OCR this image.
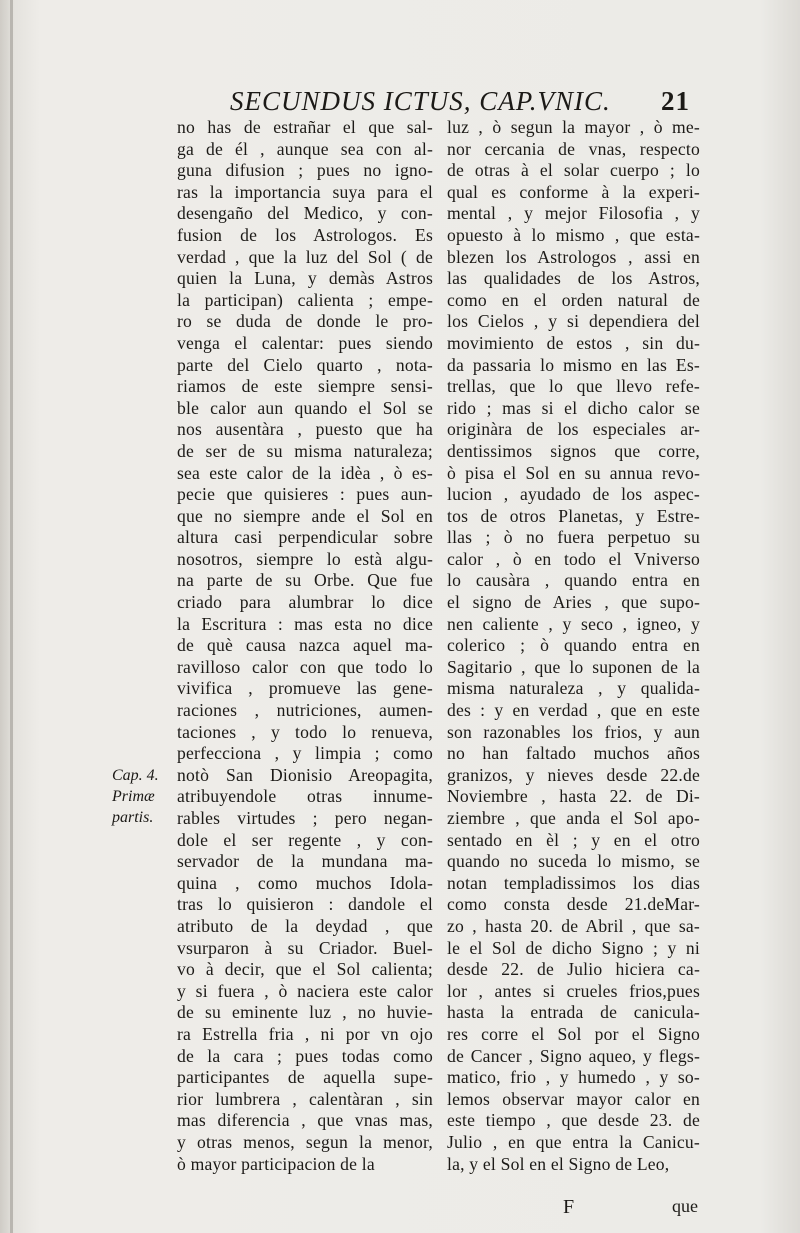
SECUNDUS ICTUS, CAP.VNIC. 21
no has de estrañar el que sal-
ga de él , aunque sea con al-
guna difusion ; pues no igno-
ras la importancia suya para el
desengaño del Medico, y con-
fusion de los Astrologos. Es
verdad , que la luz del Sol ( de
quien la Luna, y demàs Astros
la participan) calienta ; empe-
ro se duda de donde le pro-
venga el calentar: pues siendo
parte del Cielo quarto , nota-
riamos de este siempre sensi-
ble calor aun quando el Sol se
nos ausentàra , puesto que ha
de ser de su misma naturaleza;
sea este calor de la idèa , ò es-
pecie que quisieres : pues aun-
que no siempre ande el Sol en
altura casi perpendicular sobre
nosotros, siempre lo està algu-
na parte de su Orbe. Que fue
criado para alumbrar lo dice
la Escritura : mas esta no dice
de què causa nazca aquel ma-
ravilloso calor con que todo lo
vivifica , promueve las gene-
raciones , nutriciones, aumen-
taciones , y todo lo renueva,
perfecciona , y limpia ; como
notò San Dionisio Areopagita,
atribuyendole otras innume-
rables virtudes ; pero negan-
dole el ser regente , y con-
servador de la mundana ma-
quina , como muchos Idola-
tras lo quisieron : dandole el
atributo de la deydad , que
vsurparon à su Criador. Buel-
vo à decir, que el Sol calienta;
y si fuera , ò naciera este calor
de su eminente luz , no huvie-
ra Estrella fria , ni por vn ojo
de la cara ; pues todas como
participantes de aquella supe-
rior lumbrera , calentàran , sin
mas diferencia , que vnas mas,
y otras menos, segun la menor,
ò mayor participacion de la
luz , ò segun la mayor , ò me-
nor cercania de vnas, respecto
de otras à el solar cuerpo ; lo
qual es conforme à la experi-
mental , y mejor Filosofia , y
opuesto à lo mismo , que esta-
blezen los Astrologos , assi en
las qualidades de los Astros,
como en el orden natural de
los Cielos , y si dependiera del
movimiento de estos , sin du-
da passaria lo mismo en las Es-
trellas, que lo que llevo refe-
rido ; mas si el dicho calor se
originàra de los especiales ar-
dentissimos signos que corre,
ò pisa el Sol en su annua revo-
lucion , ayudado de los aspec-
tos de otros Planetas, y Estre-
llas ; ò no fuera perpetuo su
calor , ò en todo el Vniverso
lo causàra , quando entra en
el signo de Aries , que supo-
nen caliente , y seco , igneo, y
colerico ; ò quando entra en
Sagitario , que lo suponen de la
misma naturaleza , y qualida-
des : y en verdad , que en este
son razonables los frios, y aun
no han faltado muchos años
granizos, y nieves desde 22.de
Noviembre , hasta 22. de Di-
ziembre , que anda el Sol apo-
sentado en èl ; y en el otro
quando no suceda lo mismo, se
notan templadissimos los dias
como consta desde 21.deMar-
zo , hasta 20. de Abril , que sa-
le el Sol de dicho Signo ; y ni
desde 22. de Julio hiciera ca-
lor , antes si crueles frios,pues
hasta la entrada de canicula-
res corre el Sol por el Signo
de Cancer , Signo aqueo, y flegs-
matico, frio , y humedo , y so-
lemos observar mayor calor en
este tiempo , que desde 23. de
Julio , en que entra la Canicu-
la, y el Sol en el Signo de Leo,
Cap. 4.
Primæ
partis.
F	que
